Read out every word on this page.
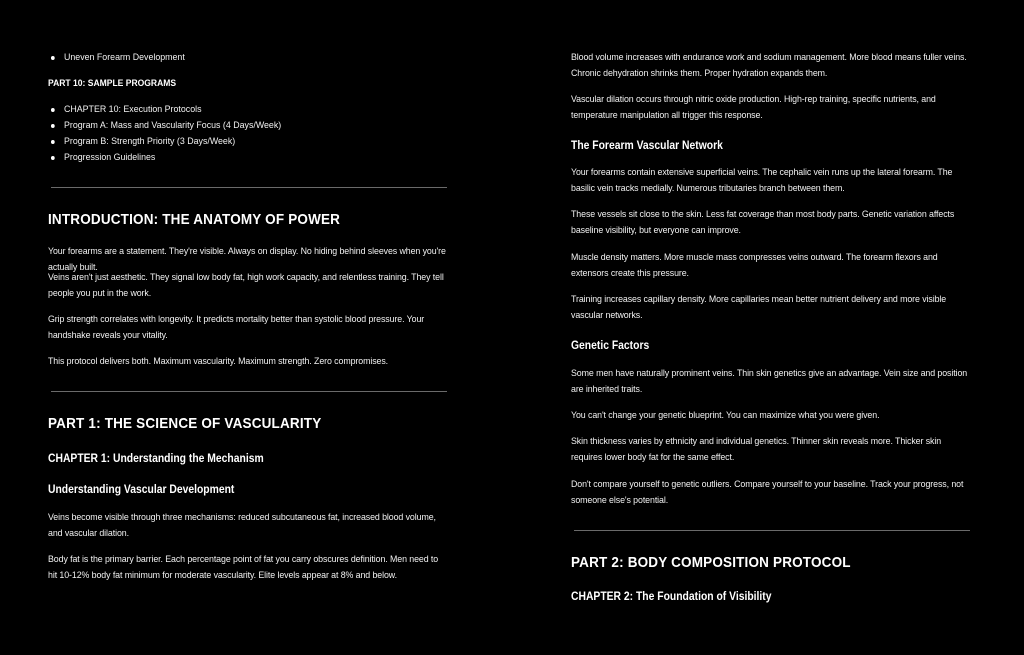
Uneven Forearm Development
PART 10: SAMPLE PROGRAMS
CHAPTER 10: Execution Protocols
Program A: Mass and Vascularity Focus (4 Days/Week)
Program B: Strength Priority (3 Days/Week)
Progression Guidelines
INTRODUCTION: THE ANATOMY OF POWER

Your forearms are a statement. They're visible. Always on display. No hiding behind sleeves when you're actually built.

Veins aren't just aesthetic. They signal low body fat, high work capacity, and relentless training. They tell people you put in the work.

Grip strength correlates with longevity. It predicts mortality better than systolic blood pressure. Your handshake reveals your vitality.

This protocol delivers both. Maximum vascularity. Maximum strength. Zero compromises.

PART 1: THE SCIENCE OF VASCULARITY
CHAPTER 1: Understanding the Mechanism
Understanding Vascular Development

Veins become visible through three mechanisms: reduced subcutaneous fat, increased blood volume, and vascular dilation.

Body fat is the primary barrier. Each percentage point of fat you carry obscures definition. Men need to hit 10-12% body fat minimum for moderate vascularity. Elite levels appear at 8% and below.

Blood volume increases with endurance work and sodium management. More blood means fuller veins. Chronic dehydration shrinks them. Proper hydration expands them.

Vascular dilation occurs through nitric oxide production. High-rep training, specific nutrients, and temperature manipulation all trigger this response.

The Forearm Vascular Network

Your forearms contain extensive superficial veins. The cephalic vein runs up the lateral forearm. The basilic vein tracks medially. Numerous tributaries branch between them.

These vessels sit close to the skin. Less fat coverage than most body parts. Genetic variation affects baseline visibility, but everyone can improve.

Muscle density matters. More muscle mass compresses veins outward. The forearm flexors and extensors create this pressure.

Training increases capillary density. More capillaries mean better nutrient delivery and more visible vascular networks.

Genetic Factors

Some men have naturally prominent veins. Thin skin genetics give an advantage. Vein size and position are inherited traits.

You can't change your genetic blueprint. You can maximize what you were given.

Skin thickness varies by ethnicity and individual genetics. Thinner skin reveals more. Thicker skin requires lower body fat for the same effect.

Don't compare yourself to genetic outliers. Compare yourself to your baseline. Track your progress, not someone else's potential.

PART 2: BODY COMPOSITION PROTOCOL
CHAPTER 2: The Foundation of Visibility
